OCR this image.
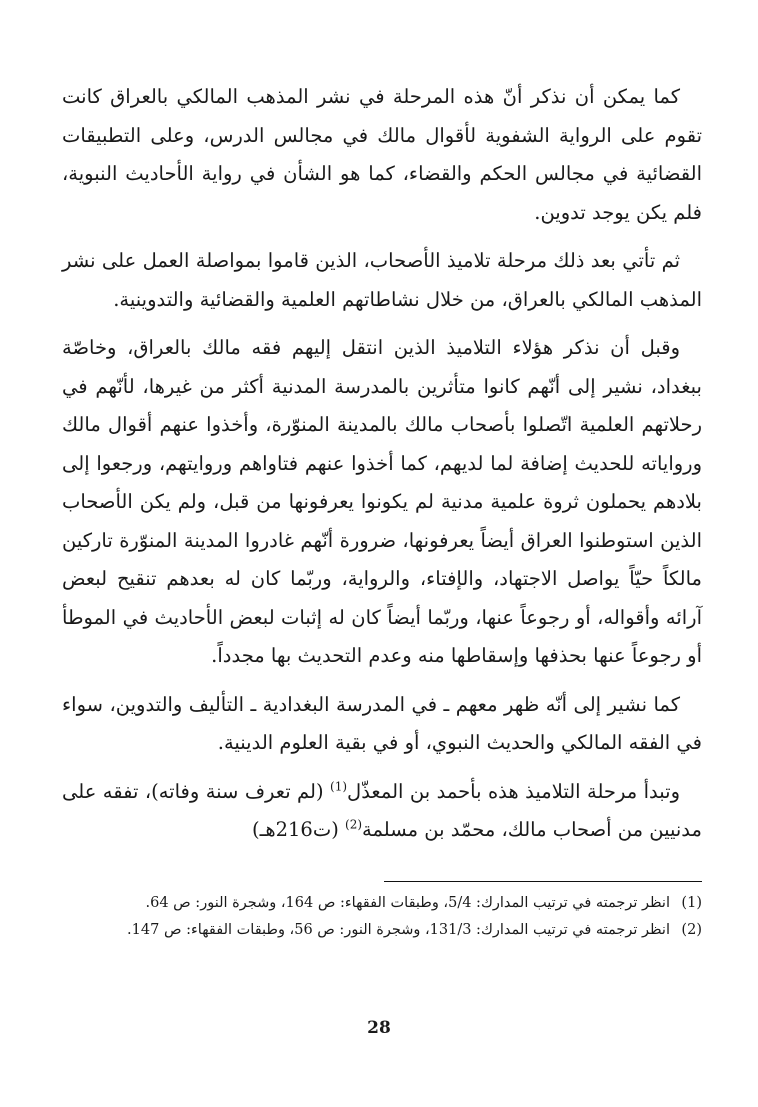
كما يمكن أن نذكر أنّ هذه المرحلة في نشر المذهب المالكي بالعراق كانت تقوم على الرواية الشفوية لأقوال مالك في مجالس الدرس، وعلى التطبيقات القضائية في مجالس الحكم والقضاء، كما هو الشأن في رواية الأحاديث النبوية، فلم يكن يوجد تدوين.

ثم تأتي بعد ذلك مرحلة تلاميذ الأصحاب، الذين قاموا بمواصلة العمل على نشر المذهب المالكي بالعراق، من خلال نشاطاتهم العلمية والقضائية والتدوينية.

وقبل أن نذكر هؤلاء التلاميذ الذين انتقل إليهم فقه مالك بالعراق، وخاصّة ببغداد، نشير إلى أنّهم كانوا متأثرين بالمدرسة المدنية أكثر من غيرها، لأنّهم في رحلاتهم العلمية اتّصلوا بأصحاب مالك بالمدينة المنوّرة، وأخذوا عنهم أقوال مالك ورواياته للحديث إضافة لما لديهم، كما أخذوا عنهم فتاواهم وروايتهم، ورجعوا إلى بلادهم يحملون ثروة علمية مدنية لم يكونوا يعرفونها من قبل، ولم يكن الأصحاب الذين استوطنوا العراق أيضاً يعرفونها، ضرورة أنّهم غادروا المدينة المنوّرة تاركين مالكاً حيّاً يواصل الاجتهاد، والإفتاء، والرواية، وربّما كان له بعدهم تنقيح لبعض آرائه وأقواله، أو رجوعاً عنها، وربّما أيضاً كان له إثبات لبعض الأحاديث في الموطأ أو رجوعاً عنها بحذفها وإسقاطها منه وعدم التحديث بها مجدداً.

كما نشير إلى أنّه ظهر معهم ـ في المدرسة البغدادية ـ التأليف والتدوين، سواء في الفقه المالكي والحديث النبوي، أو في بقية العلوم الدينية.

وتبدأ مرحلة التلاميذ هذه بأحمد بن المعذّل$^{(1)}$ (لم تعرف سنة وفاته)، تفقه على مدنيين من أصحاب مالك، محمّد بن مسلمة$^{(2)}$ (ت216هـ)

(1)
انظر ترجمته في ترتيب المدارك: 5/4، وطبقات الفقهاء: ص 164، وشجرة النور: ص 64.
(2)
انظر ترجمته في ترتيب المدارك: 131/3، وشجرة النور: ص 56، وطبقات الفقهاء: ص 147.
28
